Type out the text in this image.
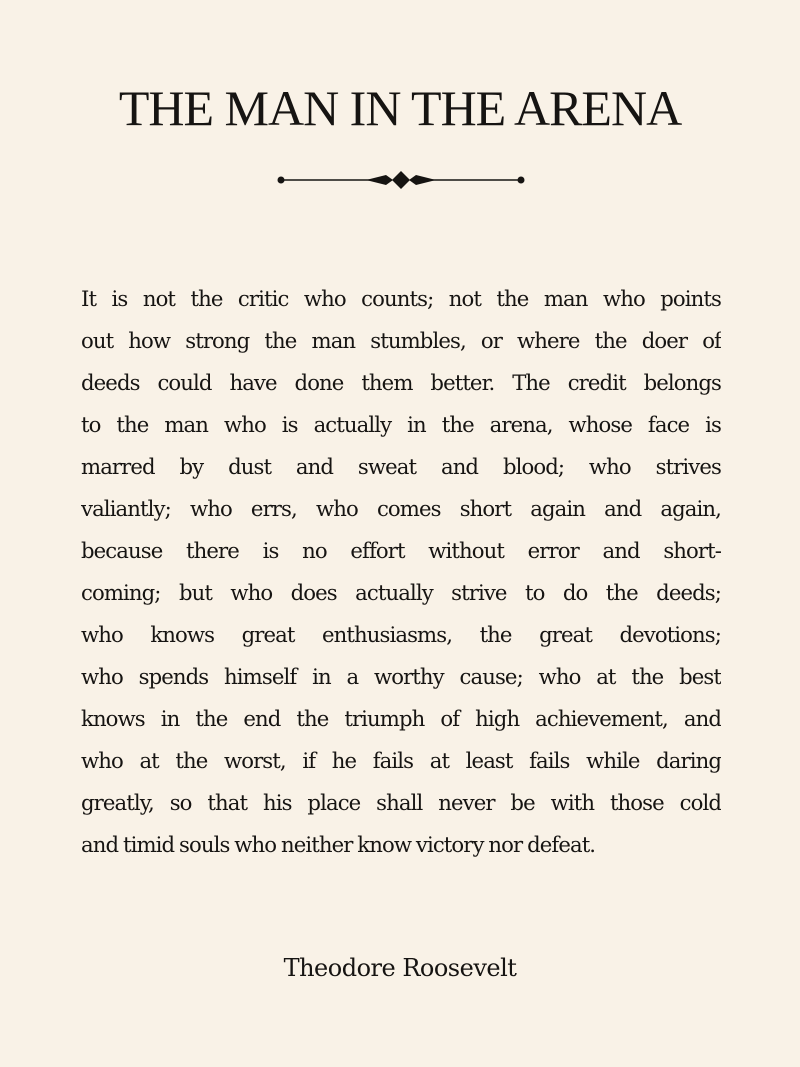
THE MAN IN THE ARENA
It is not the critic who counts; not the man who points
out how strong the man stumbles, or where the doer of
deeds could have done them better. The credit belongs
to the man who is actually in the arena, whose face is
marred by dust and sweat and blood; who strives
valiantly; who errs, who comes short again and again,
because there is no effort without error and short-
coming; but who does actually strive to do the deeds;
who knows great enthusiasms, the great devotions;
who spends himself in a worthy cause; who at the best
knows in the end the triumph of high achievement, and
who at the worst, if he fails at least fails while daring
greatly, so that his place shall never be with those cold
and timid souls who neither know victory nor defeat.

Theodore Roosevelt
